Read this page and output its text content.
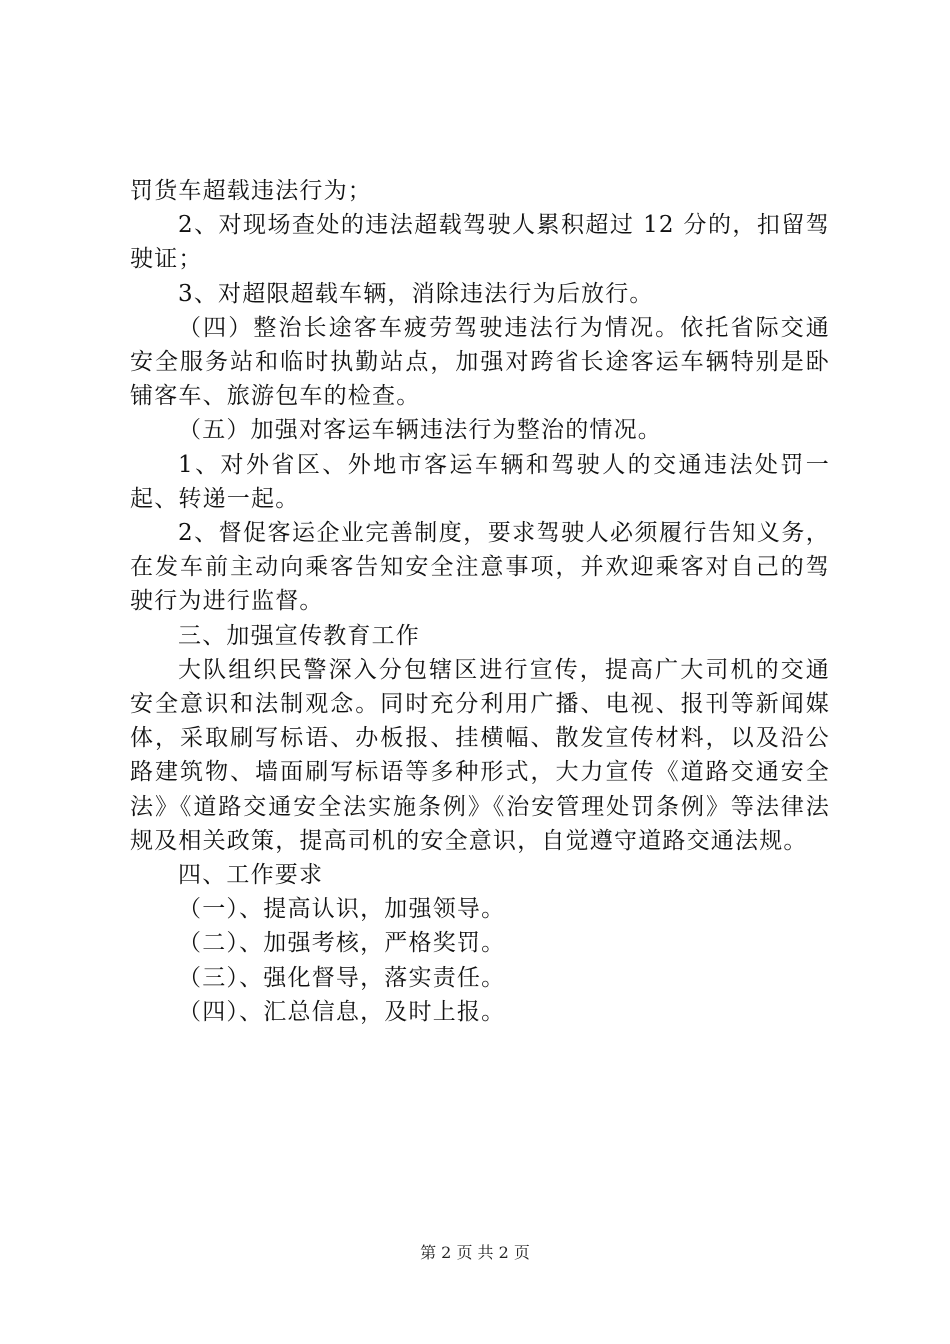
罚货车超载违法行为；

2、对现场查处的违法超载驾驶人累积超过 12 分的，扣留驾驶证；

3、对超限超载车辆，消除违法行为后放行。

（四）整治长途客车疲劳驾驶违法行为情况。依托省际交通安全服务站和临时执勤站点，加强对跨省长途客运车辆特别是卧铺客车、旅游包车的检查。

（五）加强对客运车辆违法行为整治的情况。

1、对外省区、外地市客运车辆和驾驶人的交通违法处罚一起、转递一起。

2、督促客运企业完善制度，要求驾驶人必须履行告知义务，在发车前主动向乘客告知安全注意事项，并欢迎乘客对自己的驾驶行为进行监督。

三、加强宣传教育工作

大队组织民警深入分包辖区进行宣传，提高广大司机的交通安全意识和法制观念。同时充分利用广播、电视、报刊等新闻媒体，采取刷写标语、办板报、挂横幅、散发宣传材料，以及沿公路建筑物、墙面刷写标语等多种形式，大力宣传《道路交通安全法》《道路交通安全法实施条例》《治安管理处罚条例》等法律法规及相关政策，提高司机的安全意识，自觉遵守道路交通法规。

四、工作要求

（一）、提高认识，加强领导。

（二）、加强考核，严格奖罚。

（三）、强化督导，落实责任。

（四）、汇总信息，及时上报。

第 2 页 共 2 页
